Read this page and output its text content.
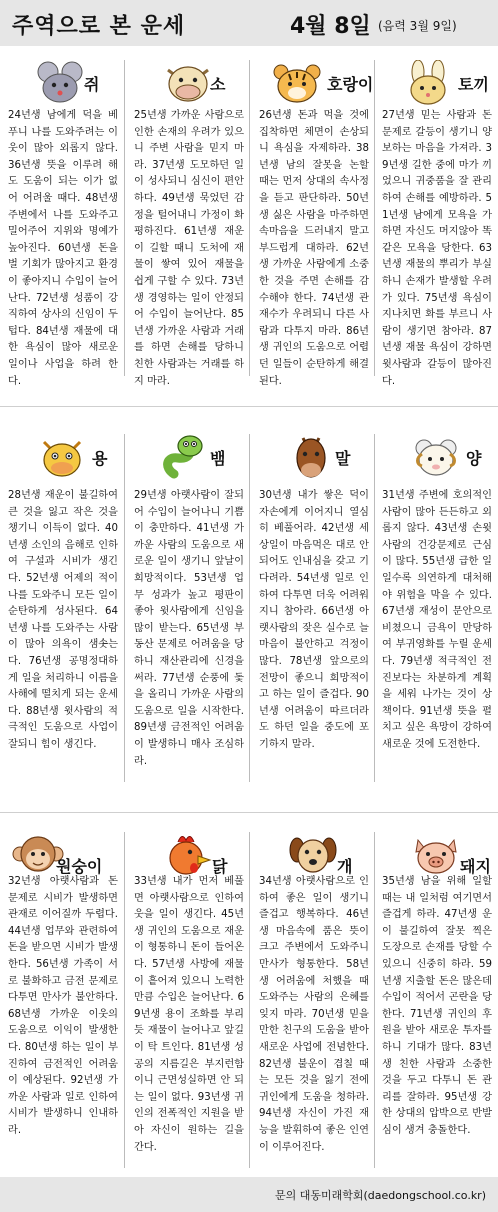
주역으로 본 운세	4월 8일 (음력 3월 9일)
쥐
24년생 남에게 덕을 베푸니 나를 도와주려는 이웃이 많아 외롭지 않다. 36년생 뜻을 이루려 해도 도움이 되는 이가 없어 어려울 때다. 48년생 주변에서 나를 도와주고 밀어주어 지위와 명예가 높아진다. 60년생 돈을 벌 기회가 많아지고 환경이 좋아지니 수입이 늘어난다. 72년생 성품이 강직하여 상사의 신임이 두텁다. 84년생 재물에 대한 욕심이 많아 새로운 일이나 사업을 하려 한다.
소
25년생 가까운 사람으로 인한 손재의 우려가 있으니 주변 사람을 믿지 마라. 37년생 도모하던 일이 성사되니 심신이 편안하다. 49년생 묵었던 감정을 털어내니 가정이 화평하진다. 61년생 재운이 길할 때니 도처에 재물이 쌓여 있어 재물을 쉽게 구할 수 있다. 73년생 경영하는 일이 안정되어 수입이 늘어난다. 85년생 가까운 사람과 거래를 하면 손해를 당하니 친한 사람과는 거래를 하지 마라.
호랑이
26년생 돈과 먹을 것에 집착하면 체면이 손상되니 욕심을 자제하라. 38년생 남의 잘못을 논할 때는 먼저 상대의 속사정을 듣고 판단하라. 50년생 싫은 사람을 마주하면 속마음을 드러내지 말고 부드럽게 대하라. 62년생 가까운 사람에게 소중한 것을 주면 손해를 감수해야 한다. 74년생 관재수가 우려되니 다른 사람과 다투지 마라. 86년생 귀인의 도움으로 어렵던 일들이 순탄하게 해결된다.
토끼
27년생 믿는 사람과 돈 문제로 갈등이 생기니 양보하는 마음을 가져라. 39년생 길한 중에 마가 끼었으니 귀중품을 잘 관리하여 손해를 예방하라. 51년생 남에게 모욕을 가하면 자신도 머지않아 똑같은 모욕을 당한다. 63년생 재물의 뿌리가 부실하니 손재가 발생할 우려가 있다. 75년생 욕심이 지나치면 화를 부르니 사람이 생기면 참아라. 87년생 재물 욕심이 강하면 윗사람과 갈등이 많아진다.
용
28년생 재운이 불길하여 큰 것을 잃고 작은 것을 챙기니 이득이 없다. 40년생 소인의 음해로 인하여 구설과 시비가 생긴다. 52년생 어제의 적이 나를 도와주니 모든 일이 순탄하게 성사된다. 64년생 나를 도와주는 사람이 많아 의욕이 샘솟는다. 76년생 공명정대하게 일을 처리하니 이름을 사해에 떨치게 되는 운세다. 88년생 윗사람의 적극적인 도움으로 사업이 잘되니 힘이 생긴다.
뱀
29년생 아랫사람이 잘되어 수입이 늘어나니 기쁨이 충만하다. 41년생 가까운 사람의 도움으로 새로운 일이 생기니 앞날이 희망적이다. 53년생 업무 성과가 높고 평판이 좋아 윗사람에게 신임을 많이 받는다. 65년생 부동산 문제로 어려움을 당하니 재산관리에 신경을 써라. 77년생 순풍에 돛을 올리니 가까운 사람의 도움으로 일을 시작한다. 89년생 금전적인 어려움이 발생하니 매사 조심하라.
말
30년생 내가 쌓은 덕이 자손에게 이어지니 열심히 베풀어라. 42년생 세상일이 마음먹은 대로 안 되어도 인내심을 갖고 기다려라. 54년생 일로 인하여 다투면 더욱 어려워지니 참아라. 66년생 아랫사람의 잦은 실수로 늘 마음이 불안하고 걱정이 많다. 78년생 앞으로의 전망이 좋으니 희망적이고 하는 일이 즐겁다. 90년생 어려움이 따르더라도 하던 일을 중도에 포기하지 말라.
양
31년생 주변에 호의적인 사람이 많아 든든하고 외롭지 않다. 43년생 손윗사람의 건강문제로 근심이 많다. 55년생 급한 일일수록 의연하게 대처해야 위험을 막을 수 있다. 67년생 재성이 문안으로 비쳤으니 금욕이 만당하여 부귀영화를 누릴 운세다. 79년생 적극적인 전진보다는 차분하게 계획을 세워 나가는 것이 상책이다. 91년생 뜻을 펼치고 싶은 욕망이 강하여 새로운 것에 도전한다.
원숭이
32년생 아랫사람과 돈 문제로 시비가 발생하면 관재로 이어질까 두렵다. 44년생 업무와 관련하여 돈을 받으면 시비가 발생한다. 56년생 가족이 서로 불화하고 금전 문제로 다투면 만사가 불안하다. 68년생 가까운 이웃의 도움으로 이익이 발생한다. 80년생 하는 일이 부진하여 금전적인 어려움이 예상된다. 92년생 가까운 사람과 일로 인하여 시비가 발생하니 인내하라.
닭
33년생 내가 먼저 베풀면 아랫사람으로 인하여 웃을 일이 생긴다. 45년생 귀인의 도움으로 재운이 형통하니 돈이 들어온다. 57년생 사방에 재물이 흩어져 있으니 노력한 만큼 수입은 늘어난다. 69년생 용이 조화를 부리듯 재물이 늘어나고 앞길이 탁 트인다. 81년생 성공의 지름길은 부지런함이니 근면성실하면 안 되는 일이 없다. 93년생 귀인의 전폭적인 지원을 받아 자신이 원하는 길을 간다.
개
34년생 아랫사람으로 인하여 좋은 일이 생기니 즐겁고 행복하다. 46년생 마음속에 품은 뜻이 크고 주변에서 도와주니 만사가 형통한다. 58년생 어려움에 처했을 때 도와주는 사람의 은혜를 잊지 마라. 70년생 믿을 만한 친구의 도움을 받아 새로운 사업에 전념한다. 82년생 불운이 겹칠 때는 모든 것을 잃기 전에 귀인에게 도움을 청하라. 94년생 자신이 가진 재능을 발휘하여 좋은 인연이 이루어진다.
돼지
35년생 남을 위해 일할 때는 내 일처럼 여기면서 즐겁게 하라. 47년생 운이 불길하여 잘못 찍은 도장으로 손재를 당할 수 있으니 신중히 하라. 59년생 지출할 돈은 많은데 수입이 적어서 곤란을 당한다. 71년생 귀인의 후원을 받아 새로운 투자를 하니 기대가 많다. 83년생 친한 사람과 소중한 것을 두고 다투니 돈 관리를 잘하라. 95년생 강한 상대의 압박으로 반발심이 생겨 충돌한다.
문의 대동미래학회(daedongschool.co.kr)
